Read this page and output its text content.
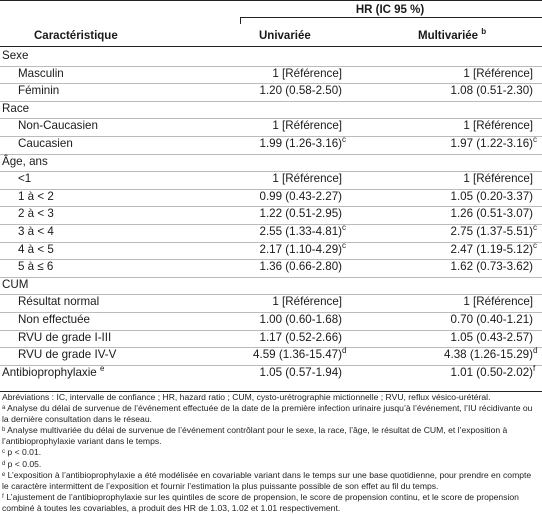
HR (IC 95 %)
Caractéristique	Univariée	Multivariée $^b$
Sexe
Masculin	1 [Référence]	1 [Référence]
Féminin	1.20 (0.58-2.50)	1.08 (0.51-2.30)
Race
Non-Caucasien	1 [Référence]	1 [Référence]
Caucasien	1.99 $(1.26-3.16)^c$	1.97 $(1.22-3.16)^c$
Âge, ans
<1	1 [Référence]	1 [Référence]
1 à < 2	0.99 (0.43-2.27)	1.05 (0.20-3.37)
2 à < 3	1.22 (0.51-2.95)	1.26 (0.51-3.07)
3 à < 4	2.55 $(1.33-4.81)^c$	2.75 $(1.37-5.51)^c$
4 à < 5	2.17 $(1.10-4.29)^c$	2.47 $(1.19-5.12)^c$
5 à ≤ 6	1.36 (0.66-2.80)	1.62 (0.73-3.62)
CUM
Résultat normal	1 [Référence]	1 [Référence]
Non effectuée	1.00 (0.60-1.68)	0.70 (0.40-1.21)
RVU de grade I-III	1.17 (0.52-2.66)	1.05 (0.43-2.57)
RVU de grade IV-V	4.59 $(1.36-15.47)^d$	4.38 $(1.26-15.29)^d$
Antibioprophylaxie $^e$	1.05 (0.57-1.94)	1.01 $(0.50-2.02)^f$

Abréviations : IC, intervalle de confiance ; HR, hazard ratio ; CUM, cysto-urétrographie mictionnelle ; RVU, reflux vésico-urétéral.

ᵃ Analyse du délai de survenue de l’événement effectuée de la date de la première infection urinaire jusqu’à l’événement, l’IU récidivante ou la dernière consultation dans le réseau.

ᵇ Analyse multivariée du délai de survenue de l’événement contrôlant pour le sexe, la race, l’âge, le résultat de CUM, et l’exposition à l’antibioprophylaxie variant dans le temps.

ᶜ p < 0.01.

ᵈ p < 0.05.

ᵉ L’exposition à l’antibioprophylaxie a été modélisée en covariable variant dans le temps sur une base quotidienne, pour prendre en compte le caractère intermittent de l’exposition et fournir l’estimation la plus puissante possible de son effet au fil du temps.

ᶠ L’ajustement de l’antibioprophylaxie sur les quintiles de score de propension, le score de propension continu, et le score de propension combiné à toutes les covariables, a produit des HR de 1.03, 1.02 et 1.01 respectivement.
